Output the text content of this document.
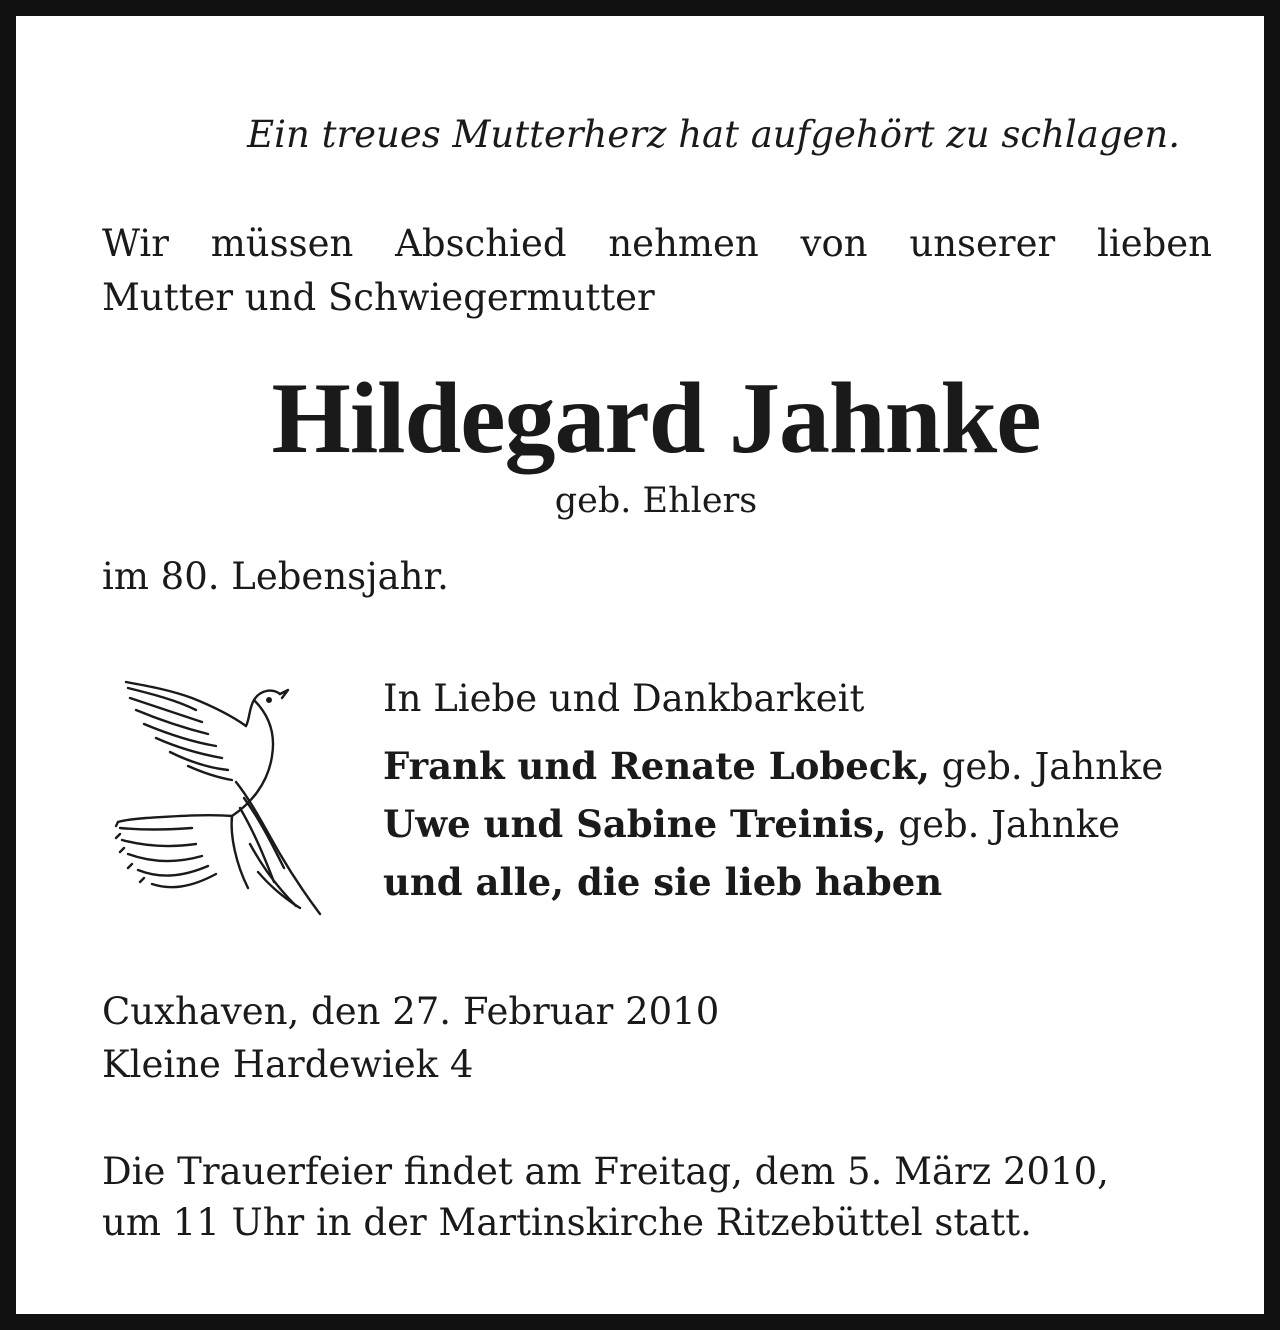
Ein treues Mutterherz hat aufgehört zu schlagen.
Wir müssen Abschied nehmen von unserer lieben
Mutter und Schwiegermutter
Hildegard Jahnke
geb. Ehlers
im 80. Lebensjahr.
In Liebe und Dankbarkeit
Frank und Renate Lobeck, geb. Jahnke
Uwe und Sabine Treinis, geb. Jahnke
und alle, die sie lieb haben
Cuxhaven, den 27. Februar 2010
Kleine Hardewiek 4
Die Trauerfeier findet am Freitag, dem 5. März 2010,
um 11 Uhr in der Martinskirche Ritzebüttel statt.
